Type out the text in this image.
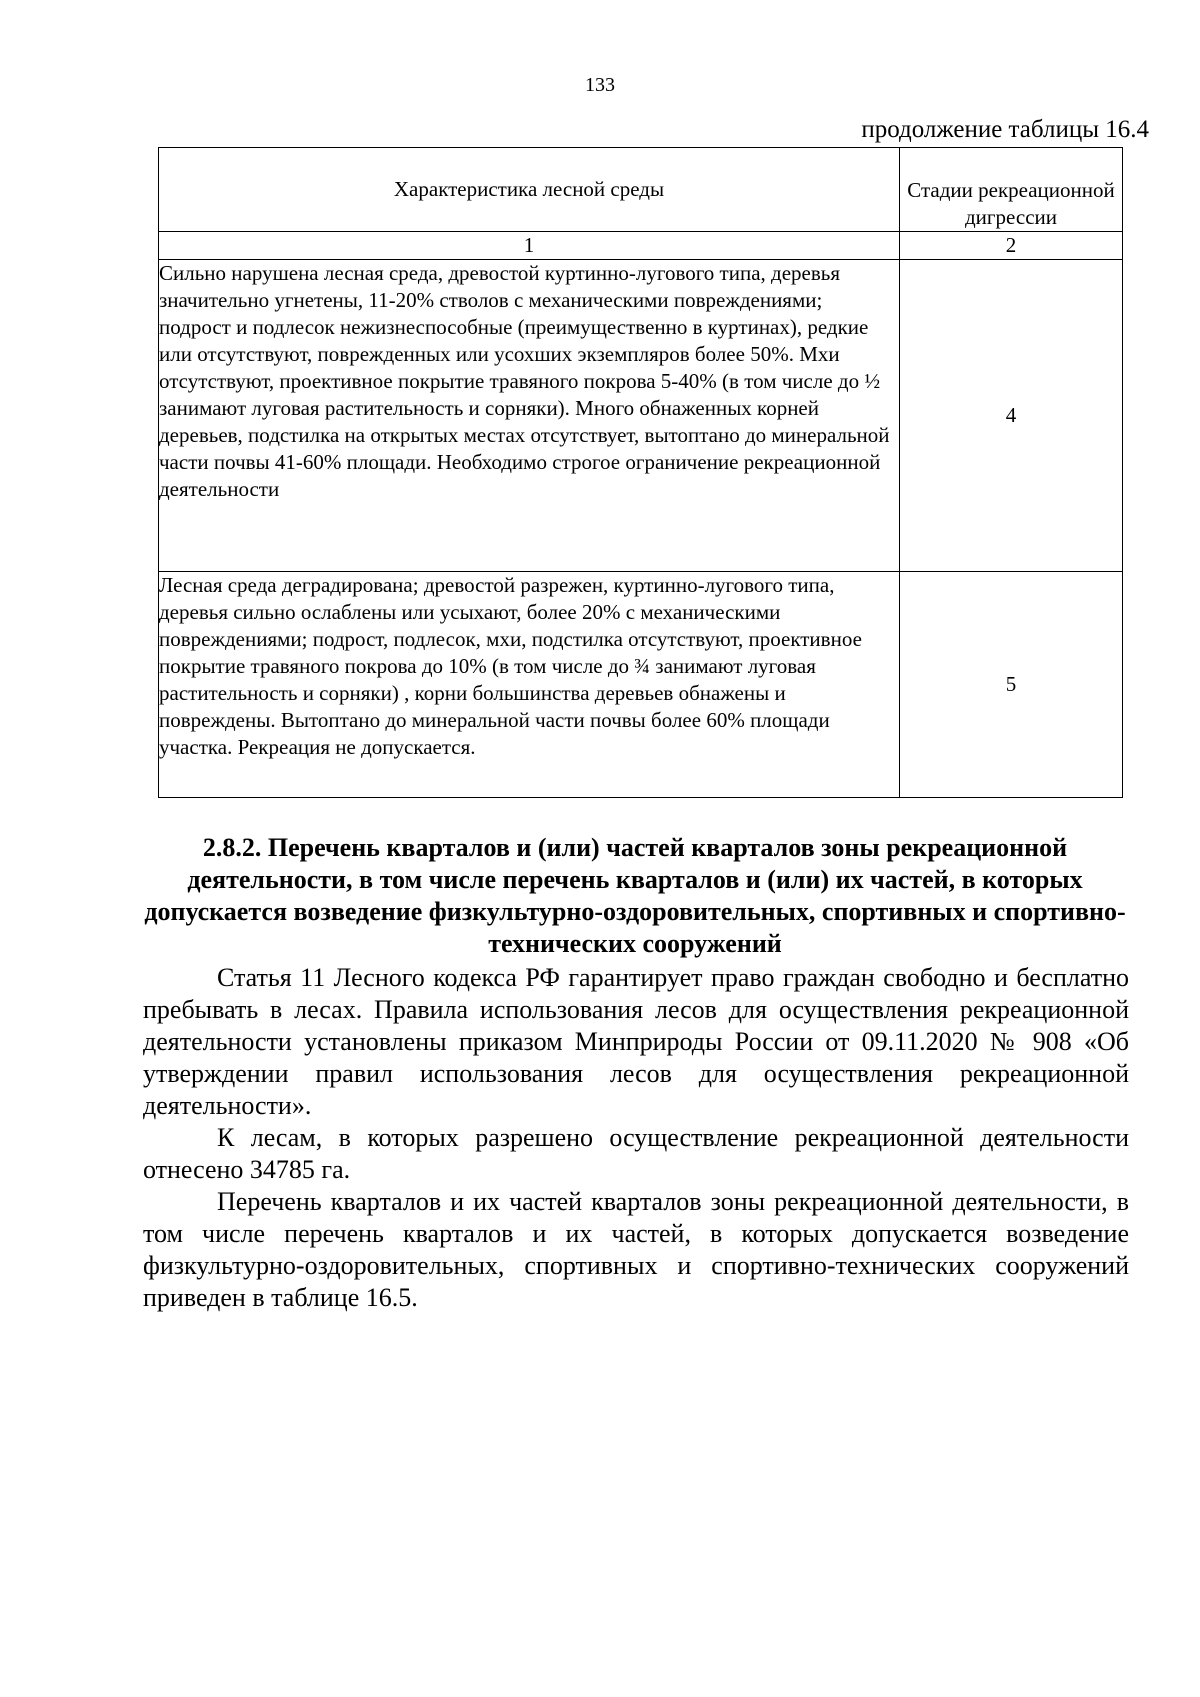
133
продолжение таблицы 16.4
Характеристика лесной среды	Стадии рекреационной дигрессии
1	2
Сильно нарушена лесная среда, древостой куртинно-лугового типа, деревья значительно угнетены, 11-20% стволов с механическими повреждениями; подрост и подлесок нежизнеспособные (преимущественно в куртинах), редкие или отсутствуют, поврежденных или усохших экземпляров более 50%. Мхи отсутствуют, проективное покрытие травяного покрова 5-40% (в том числе до ½ занимают луговая растительность и сорняки). Много обнаженных корней деревьев, подстилка на открытых местах отсутствует, вытоптано до минеральной части почвы 41-60% площади. Необходимо строгое ограничение рекреационной деятельности	4
Лесная среда деградирована; древостой разрежен, куртинно-лугового типа, деревья сильно ослаблены или усыхают, более 20% с механическими повреждениями; подрост, подлесок, мхи, подстилка отсутствуют, проективное покрытие травяного покрова до 10% (в том числе до ¾ занимают луговая растительность и сорняки) , корни большинства деревьев обнажены и повреждены. Вытоптано до минеральной части почвы более 60% площади участка. Рекреация не допускается.	5
2.8.2. Перечень кварталов и (или) частей кварталов зоны рекреационной деятельности, в том числе перечень кварталов и (или) их частей, в которых допускается возведение физкультурно-оздоровительных, спортивных и спортивно-технических сооружений

Статья 11 Лесного кодекса РФ гарантирует право граждан свободно и бесплатно пребывать в лесах. Правила использования лесов для осуществления рекреационной деятельности установлены приказом Минприроды России от 09.11.2020 № 908 «Об утверждении правил использования лесов для осуществления рекреационной деятельности».

К лесам, в которых разрешено осуществление рекреационной деятельности отнесено 34785 га.

Перечень кварталов и их частей кварталов зоны рекреационной деятельности, в том числе перечень кварталов и их частей, в которых допускается возведение физкультурно-оздоровительных, спортивных и спортивно-технических сооружений приведен в таблице 16.5.
